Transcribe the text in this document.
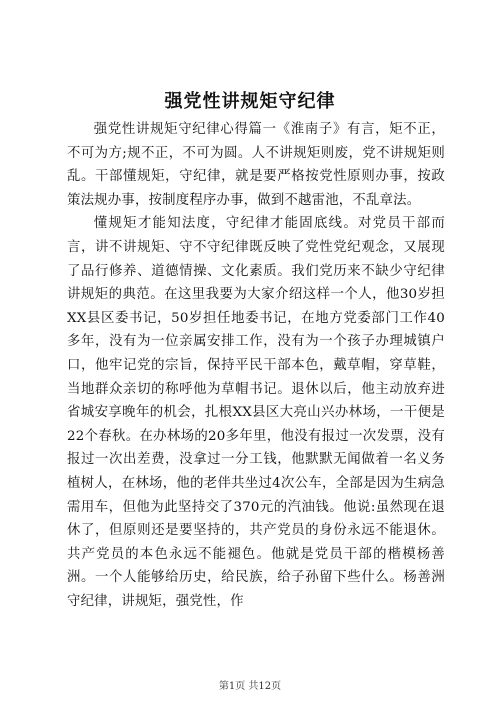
强党性讲规矩守纪律

强党性讲规矩守纪律心得篇一《淮南子》有言，矩不正，不可为方;规不正，不可为圆。人不讲规矩则废，党不讲规矩则乱。干部懂规矩，守纪律，就是要严格按党性原则办事，按政策法规办事，按制度程序办事，做到不越雷池，不乱章法。

懂规矩才能知法度，守纪律才能固底线。对党员干部而言，讲不讲规矩、守不守纪律既反映了党性党纪观念，又展现了品行修养、道德情操、文化素质。我们党历来不缺少守纪律讲规矩的典范。在这里我要为大家介绍这样一个人，他30岁担XX县区委书记，50岁担任地委书记，在地方党委部门工作40多年，没有为一位亲属安排工作，没有为一个孩子办理城镇户口，他牢记党的宗旨，保持平民干部本色，戴草帽，穿草鞋，当地群众亲切的称呼他为草帽书记。退休以后，他主动放弃进省城安享晚年的机会，扎根XX县区大亮山兴办林场，一干便是22个春秋。在办林场的20多年里，他没有报过一次发票，没有报过一次出差费，没拿过一分工钱，他默默无闻做着一名义务植树人，在林场，他的老伴共坐过4次公车，全部是因为生病急需用车，但他为此坚持交了370元的汽油钱。他说:虽然现在退休了，但原则还是要坚持的，共产党员的身份永远不能退休。共产党员的本色永远不能褪色。他就是党员干部的楷模杨善洲。一个人能够给历史，给民族，给子孙留下些什么。杨善洲守纪律，讲规矩，强党性，作

第1页 共12页
